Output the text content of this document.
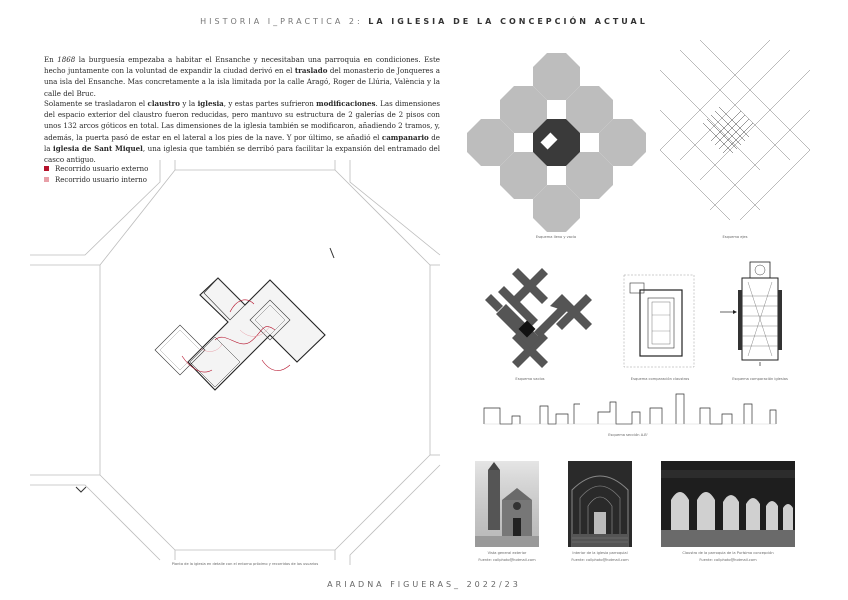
HISTORIA I_PRACTICA 2: LA IGLESIA DE LA CONCEPCIÓN ACTUAL
En 1868 la burguesía empezaba a habitar el Ensanche y necesitaban una parroquia en condiciones. Este hecho juntamente con la voluntad de expandir la ciudad derivó en el traslado del monasterio de Jonqueres a una isla del Ensanche. Mas concretamente a la isla limitada por la calle Aragó, Roger de Llúria, València y la calle del Bruc.
Solamente se trasladaron el claustro y la iglesia, y estas partes sufrieron modificaciones. Las dimensiones del espacio exterior del claustro fueron reducidas, pero mantuvo su estructura de 2 galerías de 2 pisos con unos 132 arcos góticos en total. Las dimensiones de la iglesia también se modificaron, añadiendo 2 tramos, y, además, la puerta pasó de estar en el lateral a los pies de la nave. Y por último, se añadió el campanario de la iglesia de Sant Miquel, una iglesia que también se derribó para facilitar la expansión del entramado del casco antiguo.
Recorrido usuario externo
Recorrido usuario interno
Esquema lleno y vacío	Esquema ejes
Esquema vacíos	Esquema comparación claustros	Esquema comparación iglesias
Esquema sección A-B'
Vista general exterior
Fuente: collphoto@hotmail.com
Interior de la iglesia parroquial
Fuente: collphoto@hotmail.com
Claustro de la parroquia de la Purísima concepción
Fuente: collphoto@hotmail.com
Planta de la iglesia en detalle con el entorno próximo y recorridos de los usuarios
ARIADNA FIGUERAS_ 2022/23
